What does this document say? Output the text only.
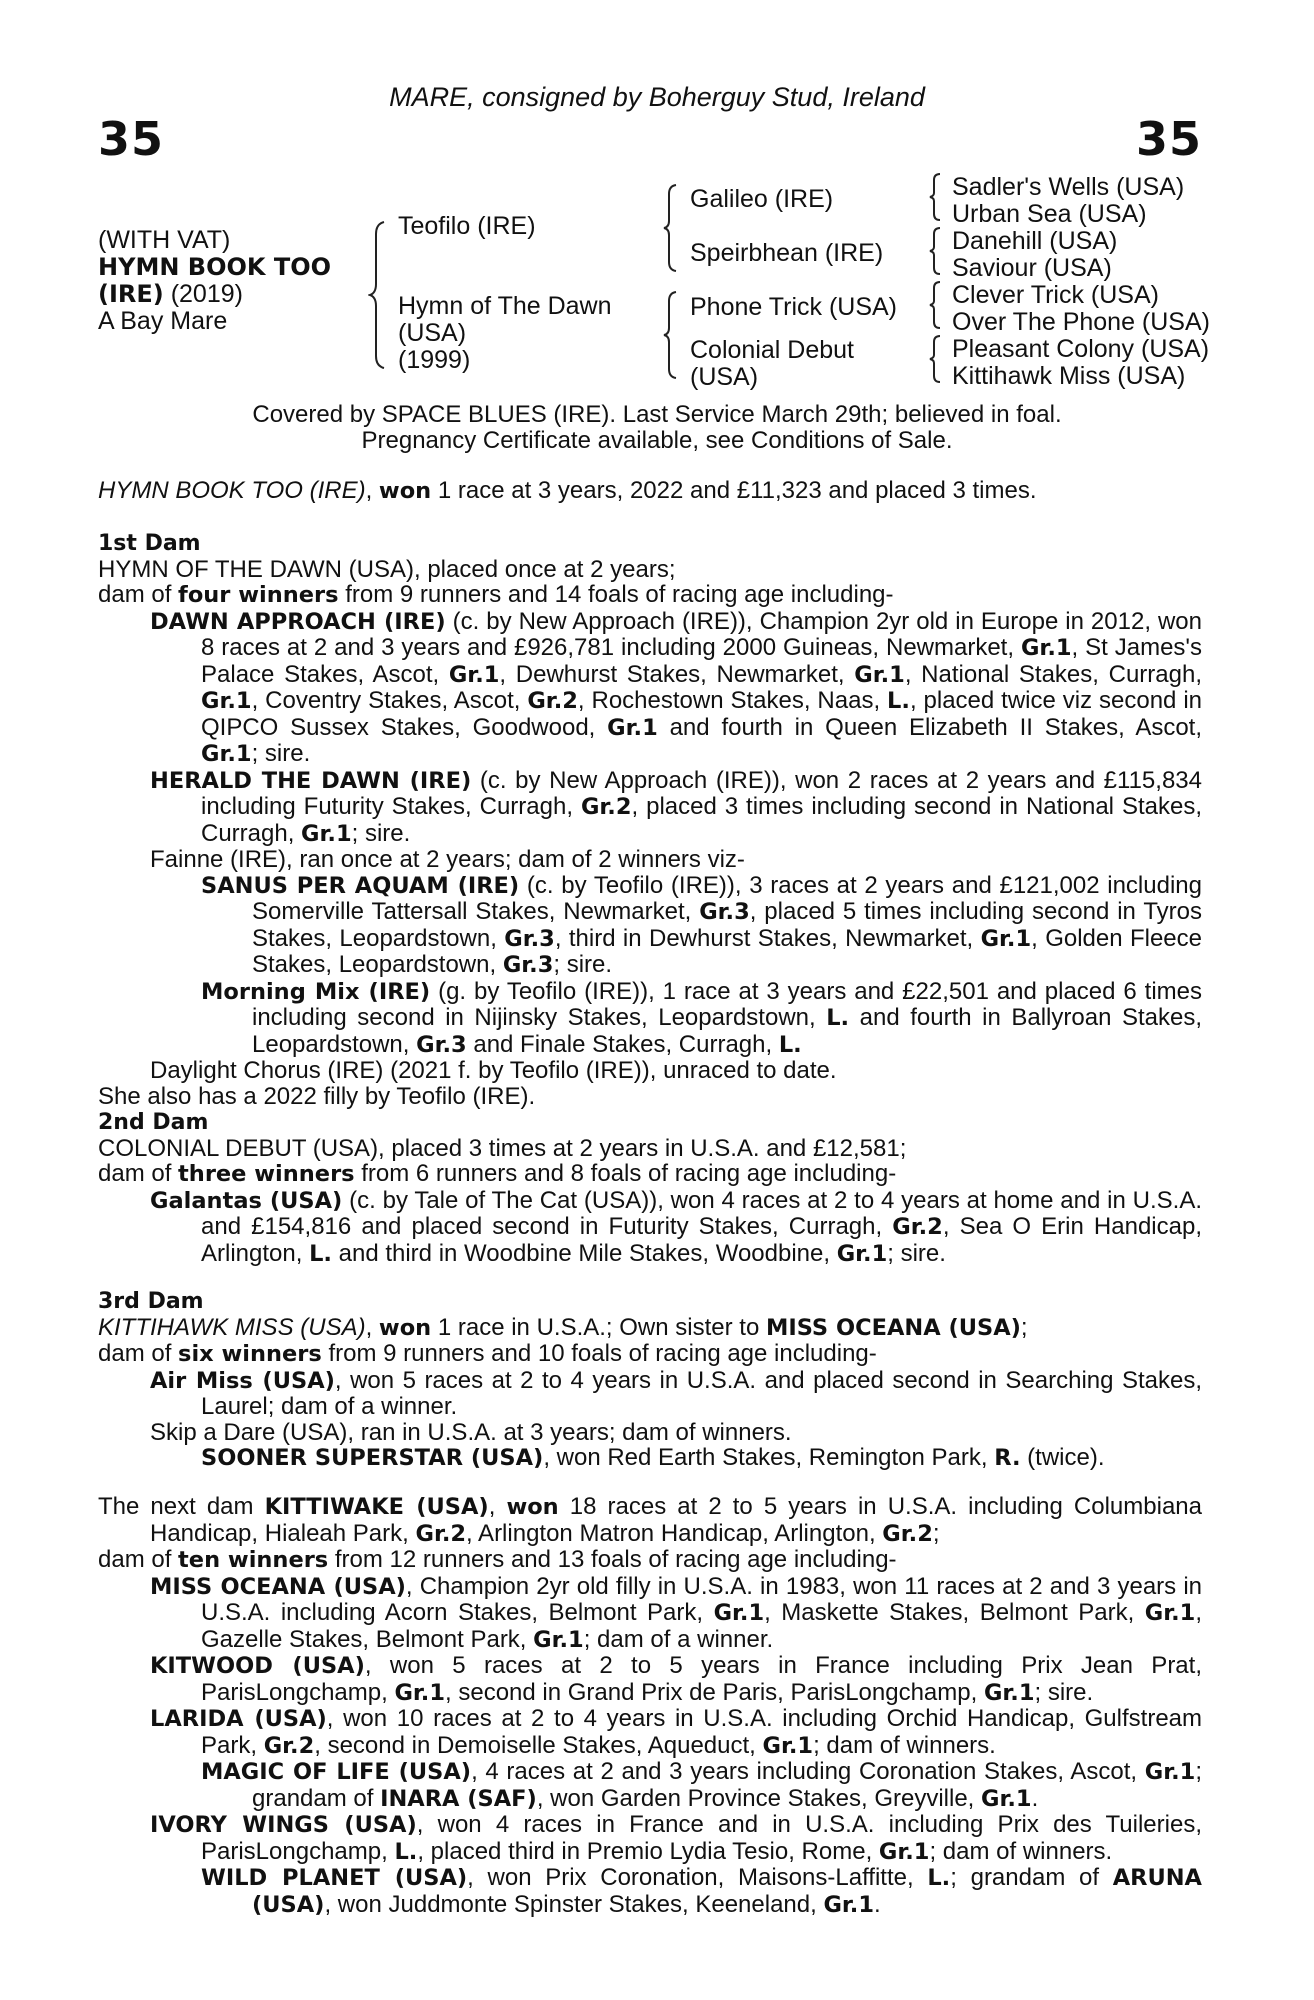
MARE, consigned by Boherguy Stud, Ireland
35	35
(WITH VAT)
HYMN BOOK TOO
(IRE) (2019)
A Bay Mare
Teofilo (IRE)
Hymn of The Dawn
(USA)
(1999)
Galileo (IRE)
Speirbhean (IRE)
Phone Trick (USA)
Colonial Debut
(USA)
Sadler's Wells (USA)
Urban Sea (USA)
Danehill (USA)
Saviour (USA)
Clever Trick (USA)
Over The Phone (USA)
Pleasant Colony (USA)
Kittihawk Miss (USA)
Covered by SPACE BLUES (IRE). Last Service March 29th; believed in foal.
Pregnancy Certificate available, see Conditions of Sale.

HYMN BOOK TOO (IRE), won 1 race at 3 years, 2022 and £11,323 and placed 3 times.

1st Dam

HYMN OF THE DAWN (USA), placed once at 2 years;

dam of four winners from 9 runners and 14 foals of racing age including-

DAWN APPROACH (IRE) (c. by New Approach (IRE)), Champion 2yr old in Europe in 2012, won 8 races at 2 and 3 years and £926,781 including 2000 Guineas, Newmarket, Gr.1, St James's Palace Stakes, Ascot, Gr.1, Dewhurst Stakes, Newmarket, Gr.1, National Stakes, Curragh, Gr.1, Coventry Stakes, Ascot, Gr.2, Rochestown Stakes, Naas, L., placed twice viz second in QIPCO Sussex Stakes, Goodwood, Gr.1 and fourth in Queen Elizabeth II Stakes, Ascot, Gr.1; sire.

HERALD THE DAWN (IRE) (c. by New Approach (IRE)), won 2 races at 2 years and £115,834 including Futurity Stakes, Curragh, Gr.2, placed 3 times including second in National Stakes, Curragh, Gr.1; sire.

Fainne (IRE), ran once at 2 years; dam of 2 winners viz-

SANUS PER AQUAM (IRE) (c. by Teofilo (IRE)), 3 races at 2 years and £121,002 including Somerville Tattersall Stakes, Newmarket, Gr.3, placed 5 times including second in Tyros Stakes, Leopardstown, Gr.3, third in Dewhurst Stakes, Newmarket, Gr.1, Golden Fleece Stakes, Leopardstown, Gr.3; sire.

Morning Mix (IRE) (g. by Teofilo (IRE)), 1 race at 3 years and £22,501 and placed 6 times including second in Nijinsky Stakes, Leopardstown, L. and fourth in Ballyroan Stakes, Leopardstown, Gr.3 and Finale Stakes, Curragh, L.

Daylight Chorus (IRE) (2021 f. by Teofilo (IRE)), unraced to date.

She also has a 2022 filly by Teofilo (IRE).

2nd Dam

COLONIAL DEBUT (USA), placed 3 times at 2 years in U.S.A. and £12,581;

dam of three winners from 6 runners and 8 foals of racing age including-

Galantas (USA) (c. by Tale of The Cat (USA)), won 4 races at 2 to 4 years at home and in U.S.A. and £154,816 and placed second in Futurity Stakes, Curragh, Gr.2, Sea O Erin Handicap, Arlington, L. and third in Woodbine Mile Stakes, Woodbine, Gr.1; sire.

3rd Dam

KITTIHAWK MISS (USA), won 1 race in U.S.A.; Own sister to MISS OCEANA (USA);

dam of six winners from 9 runners and 10 foals of racing age including-

Air Miss (USA), won 5 races at 2 to 4 years in U.S.A. and placed second in Searching Stakes, Laurel; dam of a winner.

Skip a Dare (USA), ran in U.S.A. at 3 years; dam of winners.

SOONER SUPERSTAR (USA), won Red Earth Stakes, Remington Park, R. (twice).

The next dam KITTIWAKE (USA), won 18 races at 2 to 5 years in U.S.A. including Columbiana Handicap, Hialeah Park, Gr.2, Arlington Matron Handicap, Arlington, Gr.2;

dam of ten winners from 12 runners and 13 foals of racing age including-

MISS OCEANA (USA), Champion 2yr old filly in U.S.A. in 1983, won 11 races at 2 and 3 years in U.S.A. including Acorn Stakes, Belmont Park, Gr.1, Maskette Stakes, Belmont Park, Gr.1, Gazelle Stakes, Belmont Park, Gr.1; dam of a winner.

KITWOOD (USA), won 5 races at 2 to 5 years in France including Prix Jean Prat, ParisLongchamp, Gr.1, second in Grand Prix de Paris, ParisLongchamp, Gr.1; sire.

LARIDA (USA), won 10 races at 2 to 4 years in U.S.A. including Orchid Handicap, Gulfstream Park, Gr.2, second in Demoiselle Stakes, Aqueduct, Gr.1; dam of winners.

MAGIC OF LIFE (USA), 4 races at 2 and 3 years including Coronation Stakes, Ascot, Gr.1; grandam of INARA (SAF), won Garden Province Stakes, Greyville, Gr.1.

IVORY WINGS (USA), won 4 races in France and in U.S.A. including Prix des Tuileries, ParisLongchamp, L., placed third in Premio Lydia Tesio, Rome, Gr.1; dam of winners.

WILD PLANET (USA), won Prix Coronation, Maisons-Laffitte, L.; grandam of ARUNA (USA), won Juddmonte Spinster Stakes, Keeneland, Gr.1.
